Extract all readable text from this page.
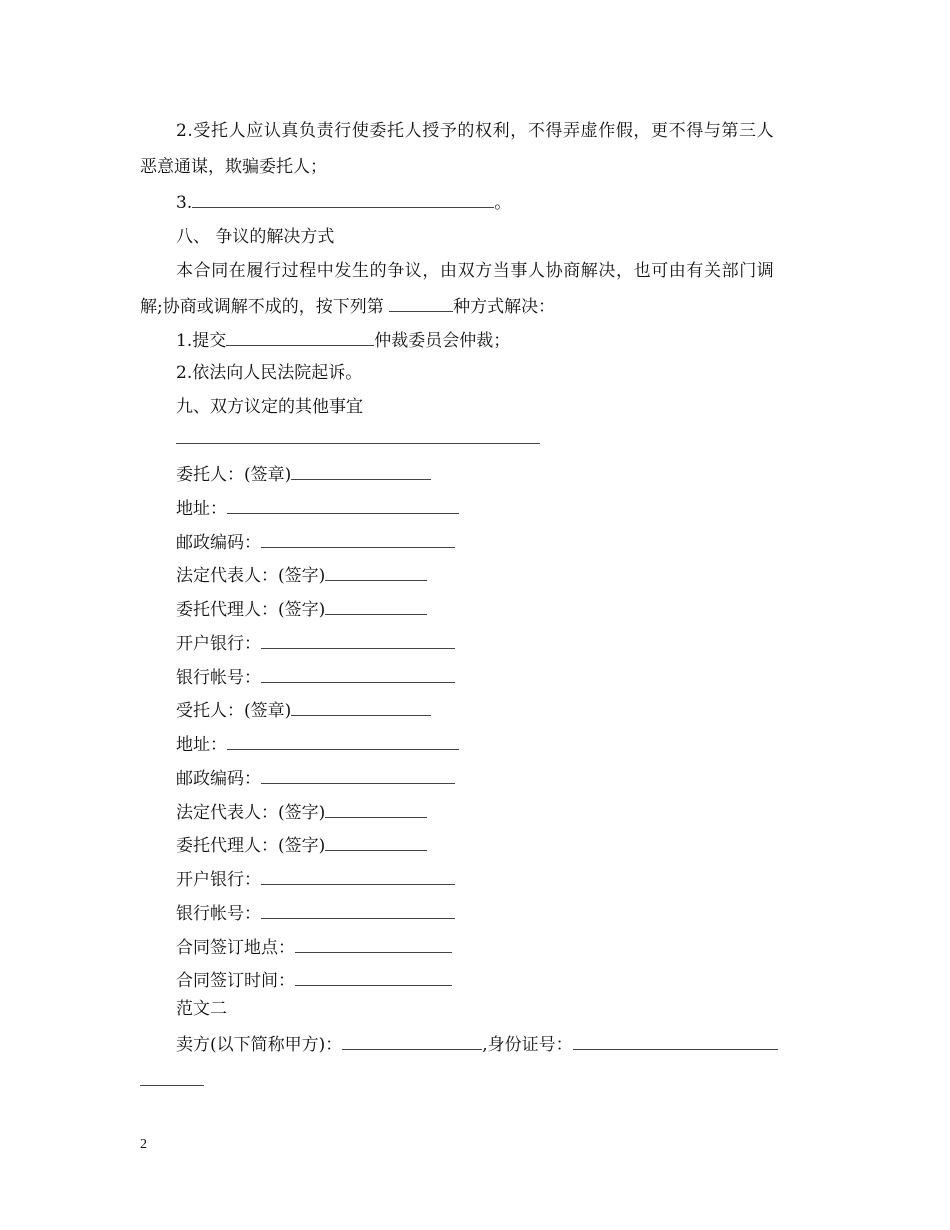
2.受托人应认真负责行使委托人授予的权利，不得弄虚作假，更不得与第三人
恶意通谋，欺骗委托人；
3.	。
八、 争议的解决方式
本合同在履行过程中发生的争议，由双方当事人协商解决，也可由有关部门调
解;协商或调解不成的，按下列第	种方式解决：
1.提交	仲裁委员会仲裁；
2.依法向人民法院起诉。
九、双方议定的其他事宜
委托人：(签章)
地址：
邮政编码：
法定代表人：(签字)
委托代理人：(签字)
开户银行：
银行帐号：
受托人：(签章)
地址：
邮政编码：
法定代表人：(签字)
委托代理人：(签字)
开户银行：
银行帐号：
合同签订地点：
合同签订时间：
范文二
卖方(以下简称甲方)：	,身份证号：
2
